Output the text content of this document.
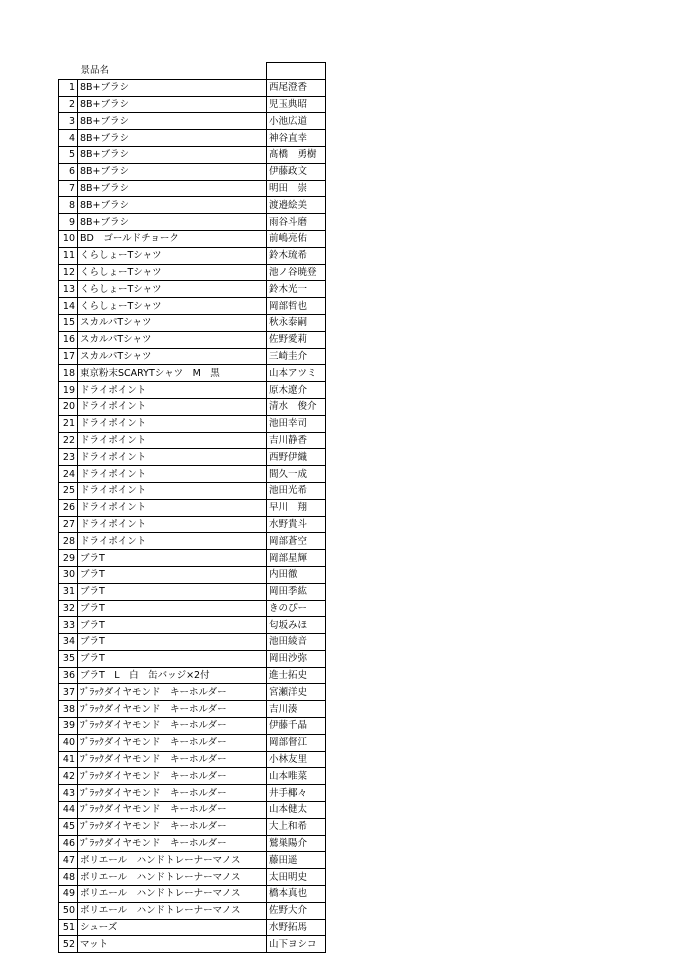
	景品名	
1	8B+ブラシ	西尾澄香
2	8B+ブラシ	児玉典昭
3	8B+ブラシ	小池広道
4	8B+ブラシ	神谷直幸
5	8B+ブラシ	髙橋　勇樹
6	8B+ブラシ	伊藤政文
7	8B+ブラシ	明田　崇
8	8B+ブラシ	渡邉絵美
9	8B+ブラシ	雨谷斗磨
10	BD　ゴールドチョーク	前嶋亮佑
11	くらしょーTシャツ	鈴木琉希
12	くらしょーTシャツ	池ノ谷暁登
13	くらしょーTシャツ	鈴木光一
14	くらしょーTシャツ	岡部哲也
15	スカルパTシャツ	秋永泰嗣
16	スカルパTシャツ	佐野愛莉
17	スカルパTシャツ	三崎圭介
18	東京粉末SCARYTシャツ　M　黒	山本アツミ
19	ドライポイント	原木遼介
20	ドライポイント	清水　俊介
21	ドライポイント	池田幸司
22	ドライポイント	吉川静香
23	ドライポイント	西野伊織
24	ドライポイント	間久一成
25	ドライポイント	池田光希
26	ドライポイント	早川　翔
27	ドライポイント	水野貴斗
28	ドライポイント	岡部蒼空
29	ブラT	岡部星輝
30	ブラT	内田徹
31	ブラT	岡田季紘
32	ブラT	きのぴー
33	ブラT	匂坂みほ
34	ブラT	池田綾音
35	ブラT	岡田沙弥
36	ブラT　L　白　缶バッジ×2付	進士拓史
37	ﾌﾞﾗｯｸダイヤモンド　キーホルダー	宮瀬洋史
38	ﾌﾞﾗｯｸダイヤモンド　キーホルダー	吉川湊
39	ﾌﾞﾗｯｸダイヤモンド　キーホルダー	伊藤千晶
40	ﾌﾞﾗｯｸダイヤモンド　キーホルダー	岡部督江
41	ﾌﾞﾗｯｸダイヤモンド　キーホルダー	小林友里
42	ﾌﾞﾗｯｸダイヤモンド　キーホルダー	山本唯菜
43	ﾌﾞﾗｯｸダイヤモンド　キーホルダー	井手椰々
44	ﾌﾞﾗｯｸダイヤモンド　キーホルダー	山本健太
45	ﾌﾞﾗｯｸダイヤモンド　キーホルダー	大上和希
46	ﾌﾞﾗｯｸダイヤモンド　キーホルダー	鷲巣陽介
47	ボリエール　ハンドトレーナーマノス	藤田遥
48	ボリエール　ハンドトレーナーマノス	太田明史
49	ボリエール　ハンドトレーナーマノス	橋本真也
50	ボリエール　ハンドトレーナーマノス	佐野大介
51	シューズ	水野拓馬
52	マット	山下ヨシコ
